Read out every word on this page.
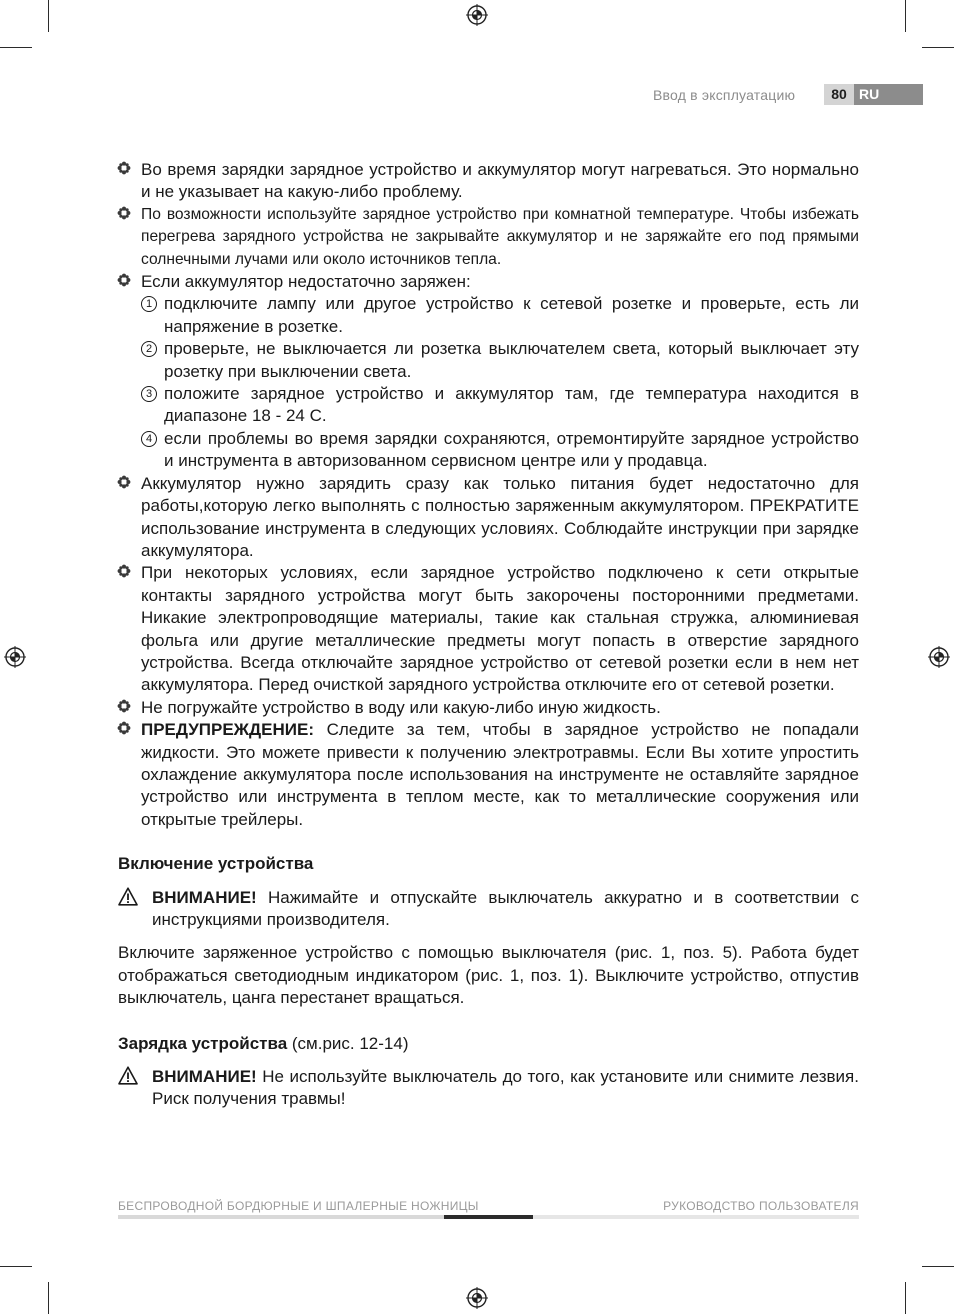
Ввод в эксплуатацию	80 RU
Во время зарядки зарядное устройство и аккумулятор могут нагреваться. Это нормально и не указывает на какую-либо проблему.
По возможности используйте зарядное устройство при комнатной температуре. Чтобы избежать перегрева зарядного устройства не закрывайте аккумулятор и не заряжайте его под прямыми солнечными лучами или около источников тепла.
Если аккумулятор недостаточно заряжен:
1 подключите лампу или другое устройство к сетевой розетке и проверьте, есть ли напряжение в розетке.
2 проверьте, не выключается ли розетка выключателем света, который выключает эту розетку при выключении света.
3 положите зарядное устройство и аккумулятор там, где температура находится в диапазоне 18 - 24 C.
4 если проблемы во время зарядки сохраняются, отремонтируйте зарядное устройство и инструмента в авторизованном сервисном центре или у продавца.
Аккумулятор нужно зарядить сразу как только питания будет недостаточно для работы,которую легко выполнять с полностью заряженным аккумулятором. ПРЕКРАТИТЕ использование инструмента в следующих условиях. Соблюдайте инструкции при зарядке аккумулятора.
При некоторых условиях, если зарядное устройство подключено к сети открытые контакты зарядного устройства могут быть закорочены посторонними предметами. Никакие электропроводящие материалы, такие как стальная стружка, алюминиевая фольга или другие металлические предметы могут попасть в отверстие зарядного устройства. Всегда отключайте зарядное устройство от сетевой розетки если в нем нет аккумулятора. Перед очисткой зарядного устройства отключите его от сетевой розетки.
Не погружайте устройство в воду или какую-либо иную жидкость.
ПРЕДУПРЕЖДЕНИЕ: Следите за тем, чтобы в зарядное устройство не попадали жидкости. Это можете привести к получению электротравмы. Если Вы хотите упростить охлаждение аккумулятора после использования на инструменте не оставляйте зарядное устройство или инструмента в теплом месте, как то металлические сооружения или открытые трейлеры.
Включение устройства
ВНИМАНИЕ! Нажимайте и отпускайте выключатель аккуратно и в соответствии с инструкциями производителя.
Включите заряженное устройство с помощью выключателя (рис. 1, поз. 5). Работа будет отображаться светодиодным индикатором (рис. 1, поз. 1). Выключите устройство, отпустив выключатель, цанга перестанет вращаться.
Зарядка устройства (см.рис. 12-14)
ВНИМАНИЕ! Не используйте выключатель до того, как установите или снимите лезвия. Риск получения травмы!
БЕСПРОВОДНОЙ БОРДЮРНЫЕ И ШПАЛЕРНЫЕ НОЖНИЦЫ	РУКОВОДСТВО ПОЛЬЗОВАТЕЛЯ
